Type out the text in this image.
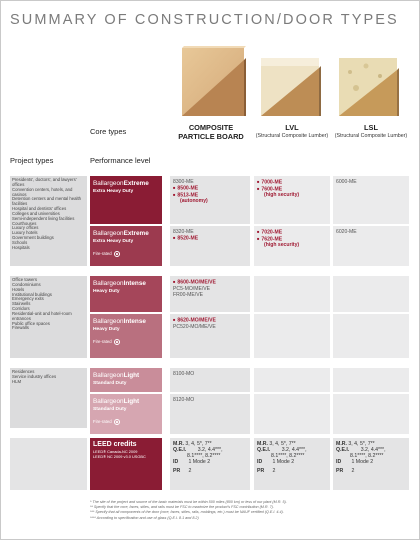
SUMMARY OF CONSTRUCTION/DOOR TYPES
Core types
Project types	Performance level
COMPOSITE PARTICLE BOARD
LVL
(Structural Composite Lumber)
LSL
(Structural Composite Lumber)
Presidents', doctors', and lawyers' offices
Convention centers, hotels, and casinos
Detention centers and mental health facilities
Hospital and dentists' offices
Colleges and universities
Semi-independent living facilities
Courthouses
Luxury offices
Luxury hotels
Government buildings
Schools
Hospitals
Office towers
Condominiums
Hotels
Institutional buildings
Emergency exits
Stairwells
Corridors
Residential-unit and hotel-room entrances
Public office spaces
Firewalls
Residences
Service industry offices
HLM
BallargeonExtreme
Extra Heavy Duty
BallargeonExtreme
Extra Heavy Duty
Fire-rated
BallargeonIntense
Heavy Duty
BallargeonIntense
Heavy Duty
Fire-rated
BallargeonLight
Standard Duty
BallargeonLight
Standard Duty
Fire-rated
8300-ME
■ 8500-ME
■ 8513-ME
(autonomy)
■ 7000-ME
■ 7600-ME
(high security)
6000-ME
8320-ME
■ 8520-ME
■ 7020-ME
■ 7620-ME
(high security)
6020-ME
■ 8600-MO/ME/VE
PC5-MO/ME/VE
FR00-ME/VE
■ 8620-MO/ME/VE
PC520-MO/ME/VE
8100-MO
8120-MO
LEED credits
LEED® Canada-NC 2009
LEED® NC 2009 v3.0 USGBC
M.R. 3, 4, 5*, 7**
Q.E.I. 3.2, 4.4***,
8.1****, 8.2****
ID 1 Mode 2
PR 2
M.R. 3, 4, 5*, 7**
Q.E.I. 3.2, 4.4***,
8.1****, 8.2****
ID 1 Mode 2
PR 2
M.R. 3, 4, 5*, 7**
Q.E.I. 3.2, 4.4***,
8.1****, 8.2****
ID 1 Mode 2
PR 2
* The site of the project and source of the basic materials must be within 500 miles (800 km) or less of our plant (M.R. 5).
** Specify that the core, faces, stiles, and rails must be FSC to maximize the product's FSC contribution (M.R. 7).
*** Specify that all components of the door (core, faces, stiles, rails, moldings, etc.) must be NAUF certified (Q.E.I. 4.4).
**** According to specification and use of glass (Q.E.I. 8.1 and 8.2)
